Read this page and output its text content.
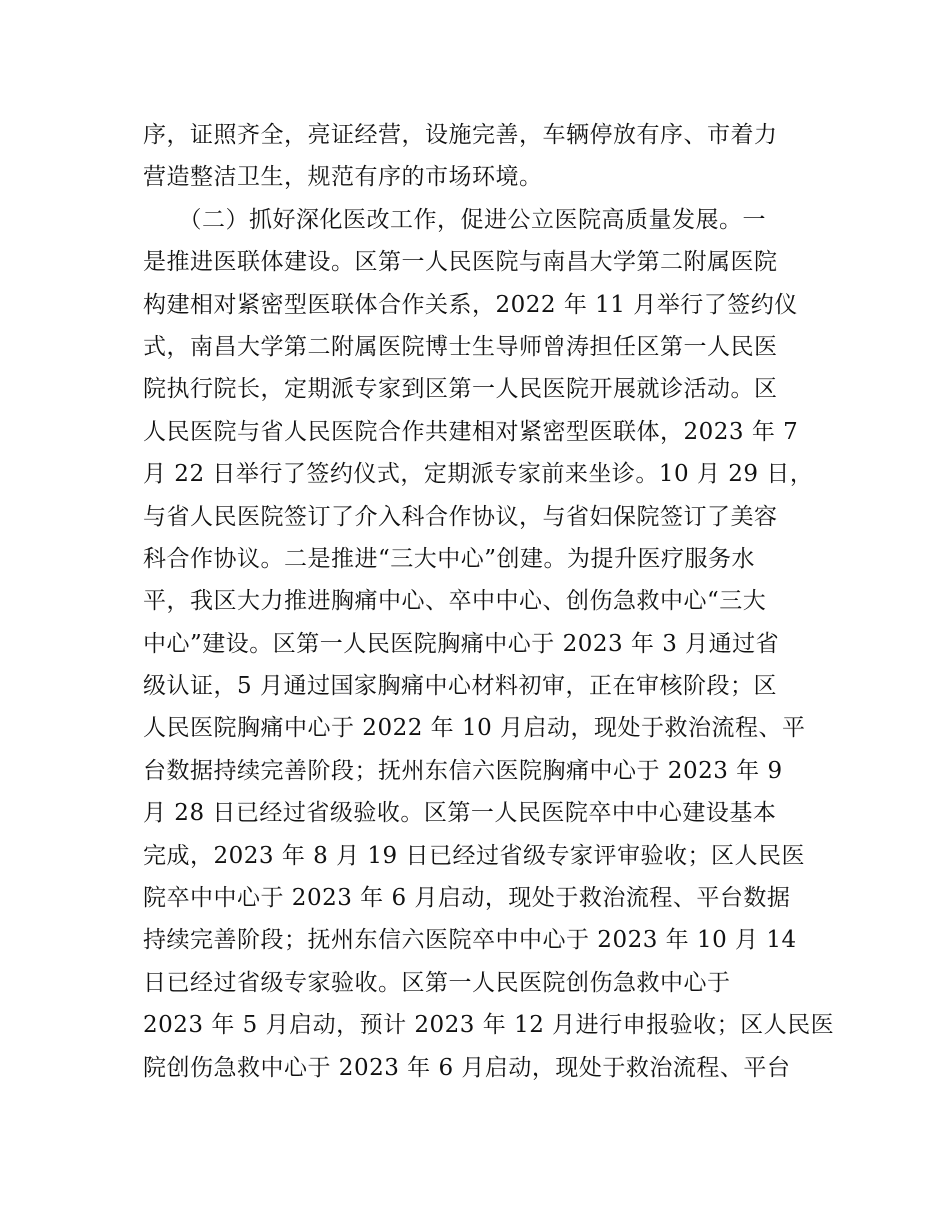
序，证照齐全，亮证经营，设施完善，车辆停放有序、市着力
营造整洁卫生，规范有序的市场环境。
　　（二）抓好深化医改工作，促进公立医院高质量发展。一
是推进医联体建设。区第一人民医院与南昌大学第二附属医院
构建相对紧密型医联体合作关系，2022 年 11 月举行了签约仪
式，南昌大学第二附属医院博士生导师曾涛担任区第一人民医
院执行院长，定期派专家到区第一人民医院开展就诊活动。区
人民医院与省人民医院合作共建相对紧密型医联体，2023 年 7
月 22 日举行了签约仪式，定期派专家前来坐诊。10 月 29 日，
与省人民医院签订了介入科合作协议，与省妇保院签订了美容
科合作协议。二是推进“三大中心”创建。为提升医疗服务水
平，我区大力推进胸痛中心、卒中中心、创伤急救中心“三大
中心”建设。区第一人民医院胸痛中心于 2023 年 3 月通过省
级认证，5 月通过国家胸痛中心材料初审，正在审核阶段；区
人民医院胸痛中心于 2022 年 10 月启动，现处于救治流程、平
台数据持续完善阶段；抚州东信六医院胸痛中心于 2023 年 9
月 28 日已经过省级验收。区第一人民医院卒中中心建设基本
完成，2023 年 8 月 19 日已经过省级专家评审验收；区人民医
院卒中中心于 2023 年 6 月启动，现处于救治流程、平台数据
持续完善阶段；抚州东信六医院卒中中心于 2023 年 10 月 14
日已经过省级专家验收。区第一人民医院创伤急救中心于
2023 年 5 月启动，预计 2023 年 12 月进行申报验收；区人民医
院创伤急救中心于 2023 年 6 月启动，现处于救治流程、平台
